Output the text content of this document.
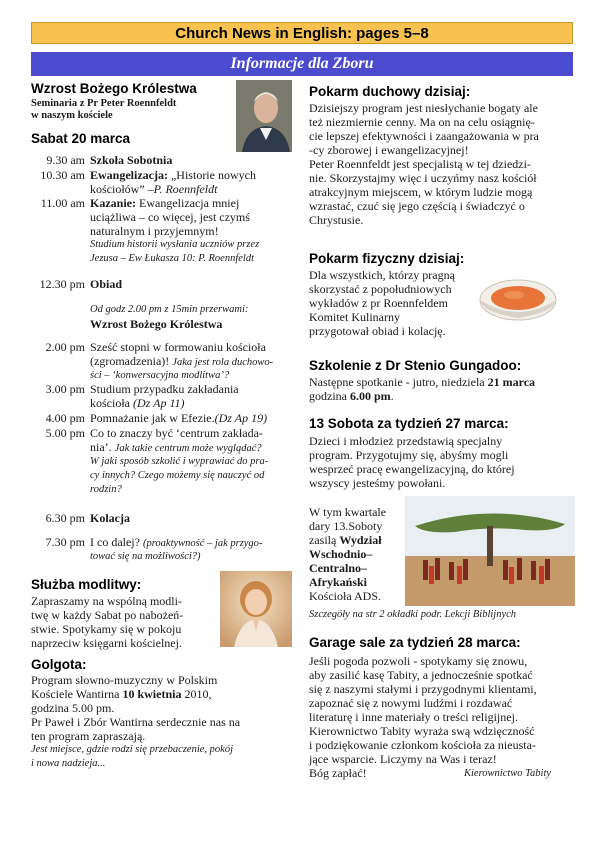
Church News in English: pages 5–8
Informacje dla Zboru
Wzrost Bożego Królestwa
Seminaria z Pr Peter Roennfeldt
w naszym kościele
Sabat 20 marca
9.30 am Szkoła Sobotnia
10.30 am Ewangelizacja: „Historie nowych
kościołów” –P. Roennfeldt
11.00 am Kazanie: Ewangelizacja mniej
uciążliwa – co więcej, jest czymś
naturalnym i przyjemnym!
Studium historii wysłania uczniów przez
Jezusa – Ew Łukasza 10: P. Roennfeldt
12.30 pm Obiad
Od godz 2.00 pm z 15min przerwami:
Wzrost Bożego Królestwa
2.00 pm Sześć stopni w formowaniu kościoła
(zgromadzenia)! Jaka jest rola duchowo-
ści – ‘konwersacyjna modlitwa’?
3.00 pm Studium przypadku zakładania
kościoła (Dz Ap 11)
4.00 pm Pomnażanie jak w Efezie.(Dz Ap 19)
5.00 pm Co to znaczy być ‘centrum zakłada-
nia’. Jak takie centrum może wyglądać?
W jaki sposób szkolić i wyprawiać do pra-
cy innych? Czego możemy się nauczyć od
rodzin?
6.30 pm Kolacja
7.30 pm I co dalej? (proaktywność – jak przygo-
tować się na możliwości?)
Służba modlitwy:
Zapraszamy na wspólną modli-
twę w każdy Sabat po nabożeń-
stwie. Spotykamy się w pokoju
naprzeciw księgarni kościelnej.
Golgota:
Program słowno-muzyczny w Polskim
Kościele Wantirna 10 kwietnia 2010,
godzina 5.00 pm.
Pr Paweł i Zbór Wantirna serdecznie nas na
ten program zapraszają.
Jest miejsce, gdzie rodzi się przebaczenie, pokój
i nowa nadzieja...
Pokarm duchowy dzisiaj:
Dzisiejszy program jest niesłychanie bogaty ale
też niezmiernie cenny. Ma on na celu osiągnię-
cie lepszej efektywności i zaangażowania w pra
-cy zborowej i ewangelizacyjnej!
Peter Roennfeldt jest specjalistą w tej dziedzi-
nie. Skorzystajmy więc i uczyńmy nasz kościół
atrakcyjnym miejscem, w którym ludzie mogą
wzrastać, czuć się jego częścią i świadczyć o
Chrystusie.
Pokarm fizyczny dzisiaj:
Dla wszystkich, którzy pragną
skorzystać z popołudniowych
wykładów z pr Roennfeldem
Komitet Kulinarny
przygotował obiad i kolację.
Szkolenie z Dr Stenio Gungadoo:
Następne spotkanie - jutro, niedziela 21 marca
godzina 6.00 pm.
13 Sobota za tydzień 27 marca:
Dzieci i młodzież przedstawią specjalny
program. Przygotujmy się, abyśmy mogli
wesprzeć pracę ewangelizacyjną, do której
wszyscy jesteśmy powołani.
W tym kwartale
dary 13.Soboty
zasilą Wydział
Wschodnio–
Centralno–
Afrykański
Kościoła ADS.
Szczegóły na str 2 okładki podr. Lekcji Biblijnych
Garage sale za tydzień 28 marca:
Jeśli pogoda pozwoli - spotykamy się znowu,
aby zasilić kasę Tabity, a jednocześnie spotkać
się z naszymi stałymi i przygodnymi klientami,
zapoznać się z nowymi ludźmi i rozdawać
literaturę i inne materiały o treści religijnej.
Kierownictwo Tabity wyraża swą wdzięczność
i podziękowanie członkom kościoła za nieusta-
jące wsparcie. Liczymy na Was i teraz!
Bóg zapłać!	Kierownictwo Tabity
